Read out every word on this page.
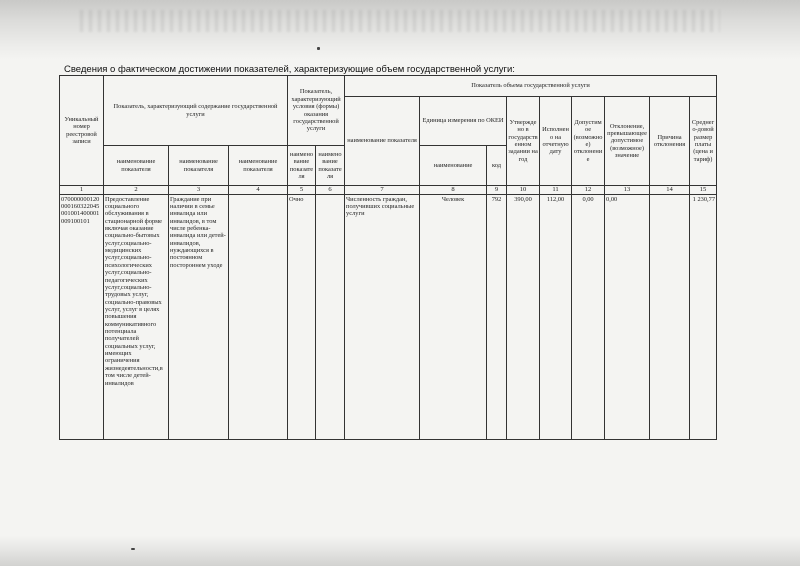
Сведения о фактическом достижении показателей, характеризующие объем государственной услуги:
Уникальный номер реестровой записи	Показатель, характеризующий содержание государственной услуги			Показатель, характеризующий условия (формы) оказания государственной услуги		Показатель объема государственной услуги								
						наименование показателя	Единица измерения по ОКЕИ		Утверждено в государственном задании на год	Исполнено на отчетную дату	Допустимое (возможное) отклонение	Отклонение, превышающее допустимое (возможное) значение	Причина отклонения	Среднего-довой размер платы (цена и тариф)
	наименование показателя	наименование показателя	наименование показателя	наименование показателя	наименование показателя		наименование	код						
1	2	3	4	5	6	7	8	9	10	11	12	13	14	15
070000000120000160322045001001400001009100101	Предоставление социального обслуживания в стационарной форме включая оказание социально-бытовых услуг,социально-медицинских услуг,социально-психологических услуг,социально-педагогических услуг,социально-трудовых услуг, социально-правовых услуг, услуг в целях повышения коммуникативного потенциала получателей социальных услуг, имеющих ограничения жизнедеятельности,в том числе детей-инвалидов	Граждание при наличии в семье инвалида или инвалидов, в том числе ребенка-инвалида или детей-инвалидов, нуждающихся в постоянном постороннем уходе		Очно		Численность граждан, получивших социальные услуги	Человек	792	390,00	112,00	0,00	0,00		1 230,77
